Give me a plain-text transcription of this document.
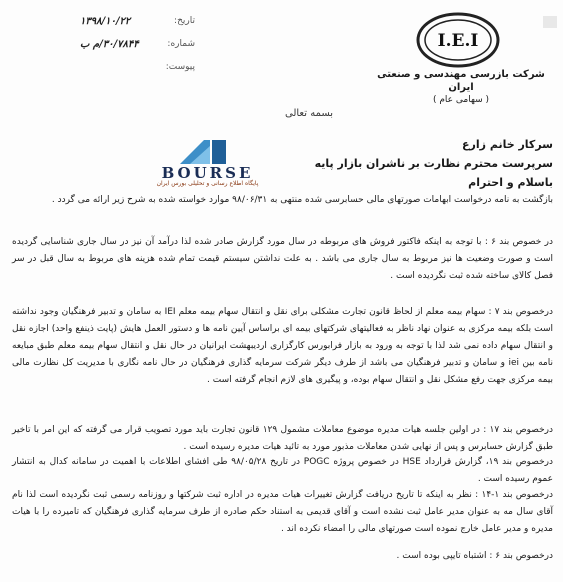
تاریخ:
۱۳۹۸/۱۰/۲۲
شماره:
۳۰/۷۸۴۴/م ب
پیوست:
I.E.I
شرکت بازرسی مهندسی و صنعتی ایران
( سهامی عام )
بسمه تعالی
BOURSE
پایگاه اطلاع رسانی و تحلیلی بورس ایران
سرکار خانم زارع
سرپرست محترم نظارت بر ناشران بازار پایه
باسلام و احترام
بازگشت به نامه درخواست ابهامات صورتهای مالی حسابرسی شده منتهی به ۹۸/۰۶/۳۱ موارد خواسته شده به شرح زیر ارائه می گردد .
در خصوص بند ۶ : با توجه به اینکه فاکتور فروش های مربوطه در سال مورد گزارش صادر شده لذا درآمد آن نیز در سال جاری شناسایی گردیده است و صورت وضعیت ها نیز مربوط به سال جاری می باشد . به علت نداشتن سیستم قیمت تمام شده هزینه های مربوط به سال قبل در سر فصل کالای ساخته شده ثبت نگردیده است .
درخصوص بند ۷ : سهام بیمه معلم از لحاظ قانون تجارت مشکلی برای نقل و انتقال سهام بیمه معلم IEI به سامان و تدبیر فرهنگیان وجود نداشته است بلکه بیمه مرکزی به عنوان نهاد ناظر به فعالیتهای شرکتهای بیمه ای براساس آیین نامه ها و دستور العمل هایش (پایت ذینفع واحد) اجازه نقل و انتقال سهام داده نمی شد لذا با توجه به ورود به بازار فرابورس کارگزاری اردیبهشت ایرانیان در حال نقل و انتقال سهام بیمه معلم طبق مبایعه نامه بین iei و سامان و تدبیر فرهنگیان می باشد از طرف دیگر شرکت سرمایه گذاری فرهنگیان در حال نامه نگاری با مدیریت کل نظارت مالی بیمه مرکزی جهت رفع مشکل نقل و انتقال سهام بوده، و پیگیری های لازم انجام گرفته است .
درخصوص بند ۱۷ : در اولین جلسه هیات مدیره موضوع معاملات مشمول ۱۲۹ قانون تجارت باید مورد تصویب قرار می گرفته که این امر با تاخیر طبق گزارش حسابرس و پس از نهایی شدن معاملات مذبور مورد به تائید هیات مدیره رسیده است .
درخصوص بند ۱۹، گزارش قرارداد HSE در خصوص پروژه POGC در تاریخ ۹۸/۰۵/۲۸ طی افشای اطلاعات با اهمیت در سامانه کدال به انتشار عموم رسیده است .
درخصوص بند ۱-۱۴ : نظر به اینکه تا تاریخ دریافت گزارش تغییرات هیات مدیره در اداره ثبت شرکتها و روزنامه رسمی ثبت نگردیده است لذا نام آقای سال مه به عنوان مدیر عامل ثبت نشده است و آقای قدیمی به استناد حکم صادره از طرف سرمایه گذاری فرهنگیان که تامیرده را با هیات مدیره و مدیر عامل خارج نموده است صورتهای مالی را امضاء نکرده اند .
درخصوص بند ۶ : اشتباه تایپی بوده است .
